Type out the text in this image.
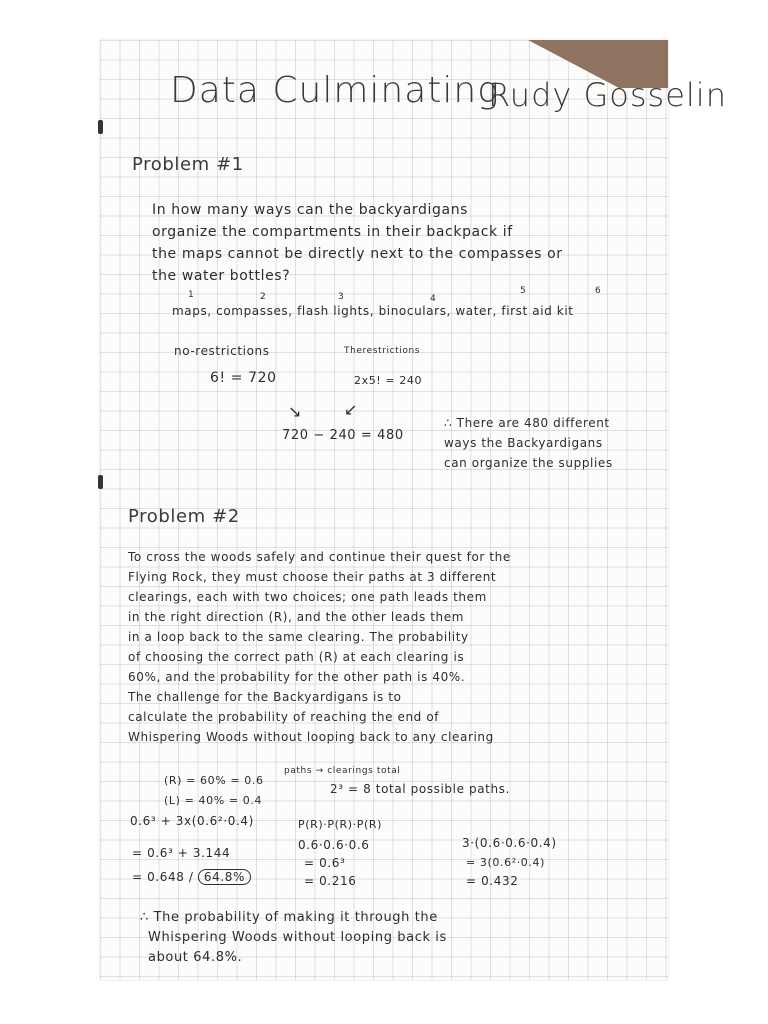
Data Culminating
Rudy Gosselin
Problem #1
In how many ways can the backyardigans
organize the compartments in their backpack if
the maps cannot be directly next to the compasses or
the water bottles?
1	2	3	4
5	6
maps, compasses, flash lights, binoculars, water, first aid kit
no-restrictions
6! = 720
Therestrictions
2x5! = 240
↘	↙
720 − 240 = 480
∴ There are 480 different
ways the Backyardigans
can organize the supplies
Problem #2
To cross the woods safely and continue their quest for the
Flying Rock, they must choose their paths at 3 different
clearings, each with two choices; one path leads them
in the right direction (R), and the other leads them
in a loop back to the same clearing. The probability
of choosing the correct path (R) at each clearing is
60%, and the probability for the other path is 40%.
The challenge for the Backyardigans is to
calculate the probability of reaching the end of
Whispering Woods without looping back to any clearing
paths → clearings total
2³ = 8 total possible paths.
(R) = 60% = 0.6
(L) = 40% = 0.4
0.6³ + 3x(0.6²·0.4)
= 0.6³ + 3.144
= 0.648 / 64.8%
P(R)·P(R)·P(R)
0.6·0.6·0.6
= 0.6³
= 0.216
3·(0.6·0.6·0.4)
= 3(0.6²·0.4)
= 0.432
∴ The probability of making it through the
Whispering Woods without looping back is
about 64.8%.
